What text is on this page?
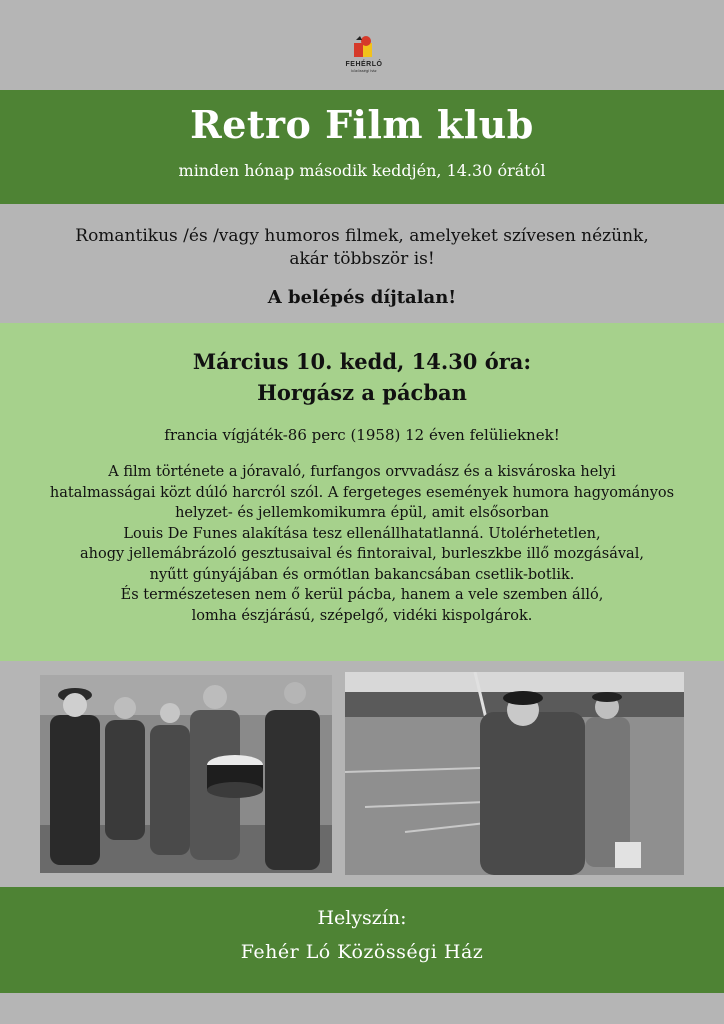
FEHÉRLÓ
közösségi ház
Retro Film klub
minden hónap második keddjén, 14.30 órától
Romantikus /és /vagy humoros filmek, amelyeket szívesen nézünk,
akár többször is!
A belépés díjtalan!
Március 10. kedd, 14.30 óra:
Horgász a pácban
francia vígjáték-86 perc (1958) 12 éven felülieknek!
A film története a jóravaló, furfangos orvvadász és a kisvároska helyi
hatalmasságai közt dúló harcról szól. A fergeteges események humora hagyományos
helyzet- és jellemkomikumra épül, amit elsősorban
Louis De Funes alakítása tesz ellenállhatatlanná. Utolérhetetlen,
ahogy jellemábrázoló gesztusaival és fintoraival, burleszkbe illő mozgásával,
nyűtt gúnyájában és ormótlan bakancsában csetlik-botlik.
És természetesen nem ő kerül pácba, hanem a vele szemben álló,
lomha észjárású, szépelgő, vidéki kispolgárok.
Helyszín:
Fehér Ló Közösségi Ház
